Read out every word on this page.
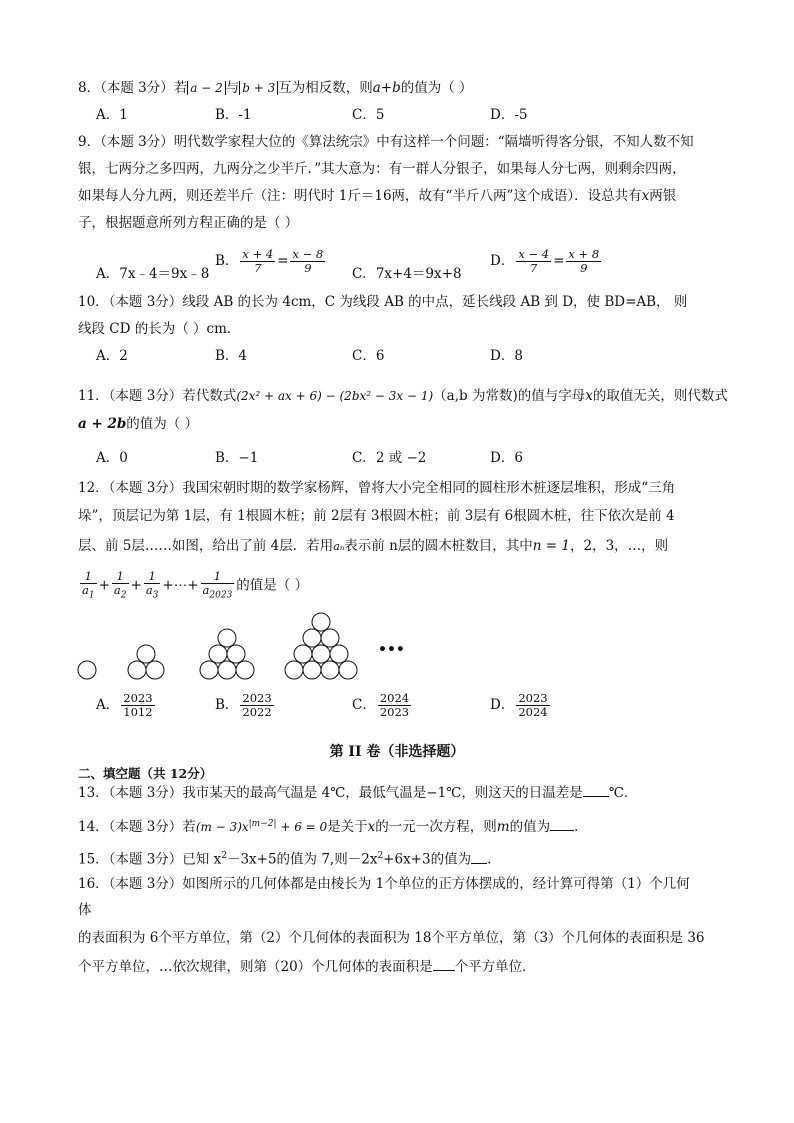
8．（本题 3分）若 a − 2 与 b + 3 互为相反数，则a+b的值为（ ）
A．1	B．-1	C．5	D．-5
9．（本题 3分）明代数学家程大位的《算法统宗》中有这样一个问题：“隔墙听得客分银，不知人数不知
银，七两分之多四两，九两分之少半斤．”其大意为：有一群人分银子，如果每人分七两，则剩余四两，
如果每人分九两，则还差半斤（注：明代时 1斤＝16两，故有“半斤八两”这个成语）．设总共有x两银
子，根据题意所列方程正确的是（ ）
A．7x﹣4＝9x﹣8
B． $\frac{x + 4}{7} = \frac{x - 8}{9}$ C．7x+4＝9x+8
D． $\frac{x - 4}{7} = \frac{x + 8}{9}$
10．（本题 3分）线段 AB 的长为 4cm，C 为线段 AB 的中点，延长线段 AB 到 D，使 BD=AB， 则
线段 CD 的长为（ ）cm．
A．2	B．4	C．6	D．8
11．（本题 3分）若代数式(2x² + ax + 6) − (2bx² − 3x − 1)（a,b 为常数)的值与字母x的取值无关，则代数式
a + 2b的值为（ ）
A．0	B．−1	C．2 或 −2	D．6
12．（本题 3分）我国宋朝时期的数学家杨辉，曾将大小完全相同的圆柱形木桩逐层堆积，形成“三角
垛”，顶层记为第 1层，有 1根圆木桩；前 2层有 3根圆木桩；前 3层有 6根圆木桩，往下依次是前 4
层、前 5层……如图，给出了前 4层．若用aₙ表示前 n层的圆木桩数目，其中n = 1，2，3，…，则
$\frac{1}{a_1} + \frac{1}{a_2} + \frac{1}{a_3}$ +⋯+ $\frac{1}{a_{2023}}$ 的值是（ ）
•••
A． $\frac{2023}{1012}$	B． $\frac{2023}{2022}$	C． $\frac{2024}{2023}$	D． $\frac{2023}{2024}$
第 II 卷（非选择题）
二、填空题（共 12分）
13．（本题 3分）我市某天的最高气温是 4℃，最低气温是−1℃，则这天的日温差是 ℃．
14．（本题 3分）若$(m - 3)x^{|m-2|} + 6 = 0$是关于x的一元一次方程，则m的值为 ．
15．（本题 3分）已知 $x^2-3x+5$的值为 7,则$-2x^2+6x+3$的值为 .
16．（本题 3分）如图所示的几何体都是由棱长为 1个单位的正方体摆成的，经计算可得第（1）个几何
体
的表面积为 6个平方单位，第（2）个几何体的表面积为 18个平方单位，第（3）个几何体的表面积是 36
个平方单位，…依次规律，则第（20）个几何体的表面积是 个平方单位．
